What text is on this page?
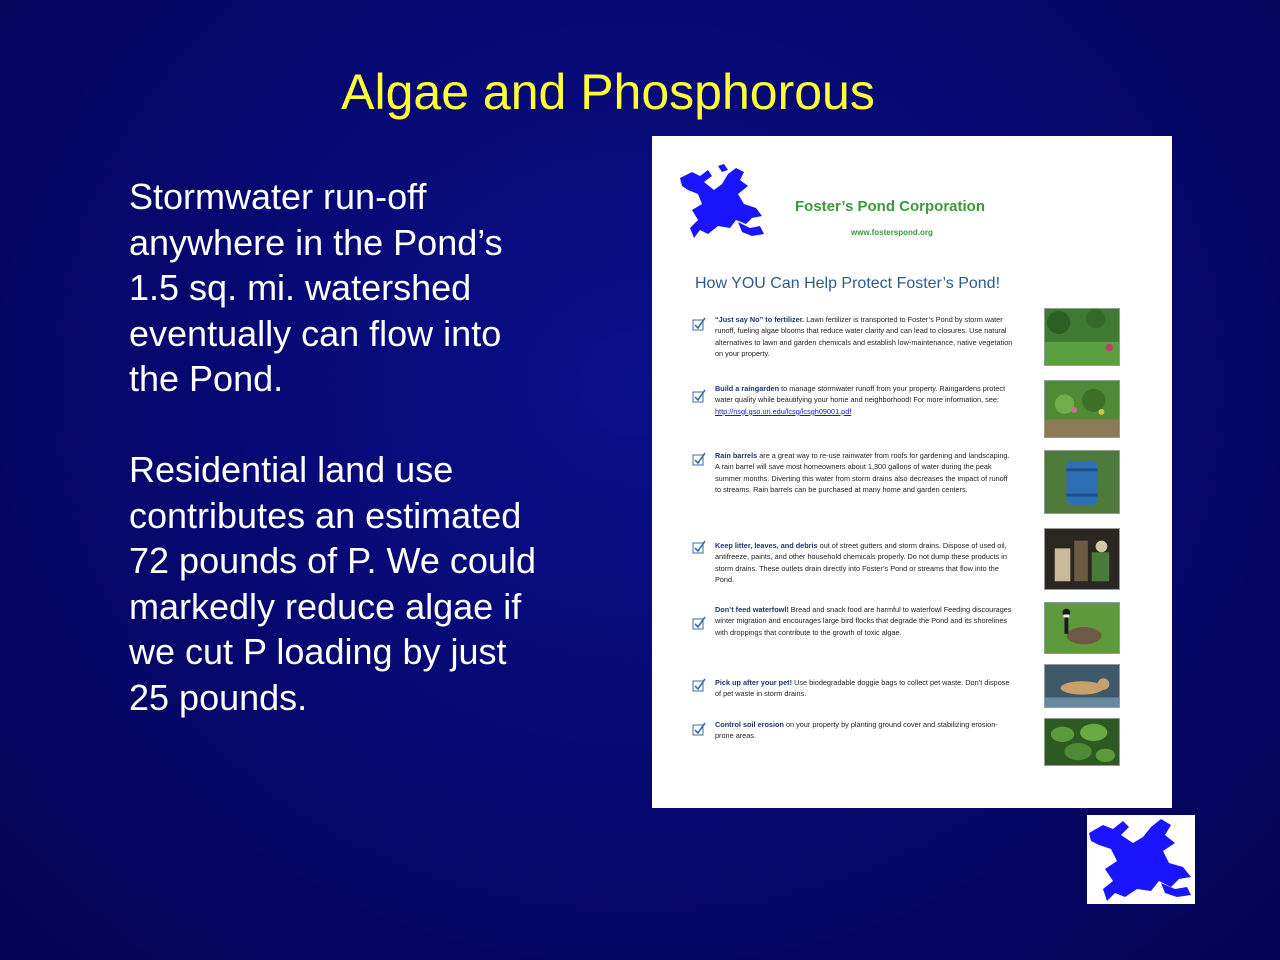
Algae and Phosphorous

Stormwater run-off anywhere in the Pond’s 1.5 sq. mi. watershed eventually can flow into the Pond.

Residential land use contributes an estimated 72 pounds of P. We could markedly reduce algae if we cut P loading by just 25 pounds.

Foster’s Pond Corporation
www.fosterspond.org
How YOU Can Help Protect Foster’s Pond!
“Just say No” to fertilizer. Lawn fertilizer is transported to Foster’s Pond by storm water runoff, fueling algae blooms that reduce water clarity and can lead to closures. Use natural alternatives to lawn and garden chemicals and establish low-maintenance, native vegetation on your property.
Build a raingarden to manage stormwater runoff from your property. Raingardens protect water quality while beautifying your home and neighborhood! For more information, see:
http://nsgl.gso.uri.edu/lcsg/lcsgh09001.pdf
Rain barrels are a great way to re-use rainwater from roofs for gardening and landscaping. A rain barrel will save most homeowners about 1,300 gallons of water during the peak summer months. Diverting this water from storm drains also decreases the impact of runoff to streams. Rain barrels can be purchased at many home and garden centers.
Keep litter, leaves, and debris out of street gutters and storm drains. Dispose of used oil, antifreeze, paints, and other household chemicals properly. Do not dump these products in storm drains. These outlets drain directly into Foster’s Pond or streams that flow into the Pond.
Don’t feed waterfowl! Bread and snack food are harmful to waterfowl Feeding discourages winter migration and encourages large bird flocks that degrade the Pond and its shorelines with droppings that contribute to the growth of toxic algae.
Pick up after your pet! Use biodegradable doggie bags to collect pet waste. Don’t dispose of pet waste in storm drains.
Control soil erosion on your property by planting ground cover and stabilizing erosion-prone areas.
